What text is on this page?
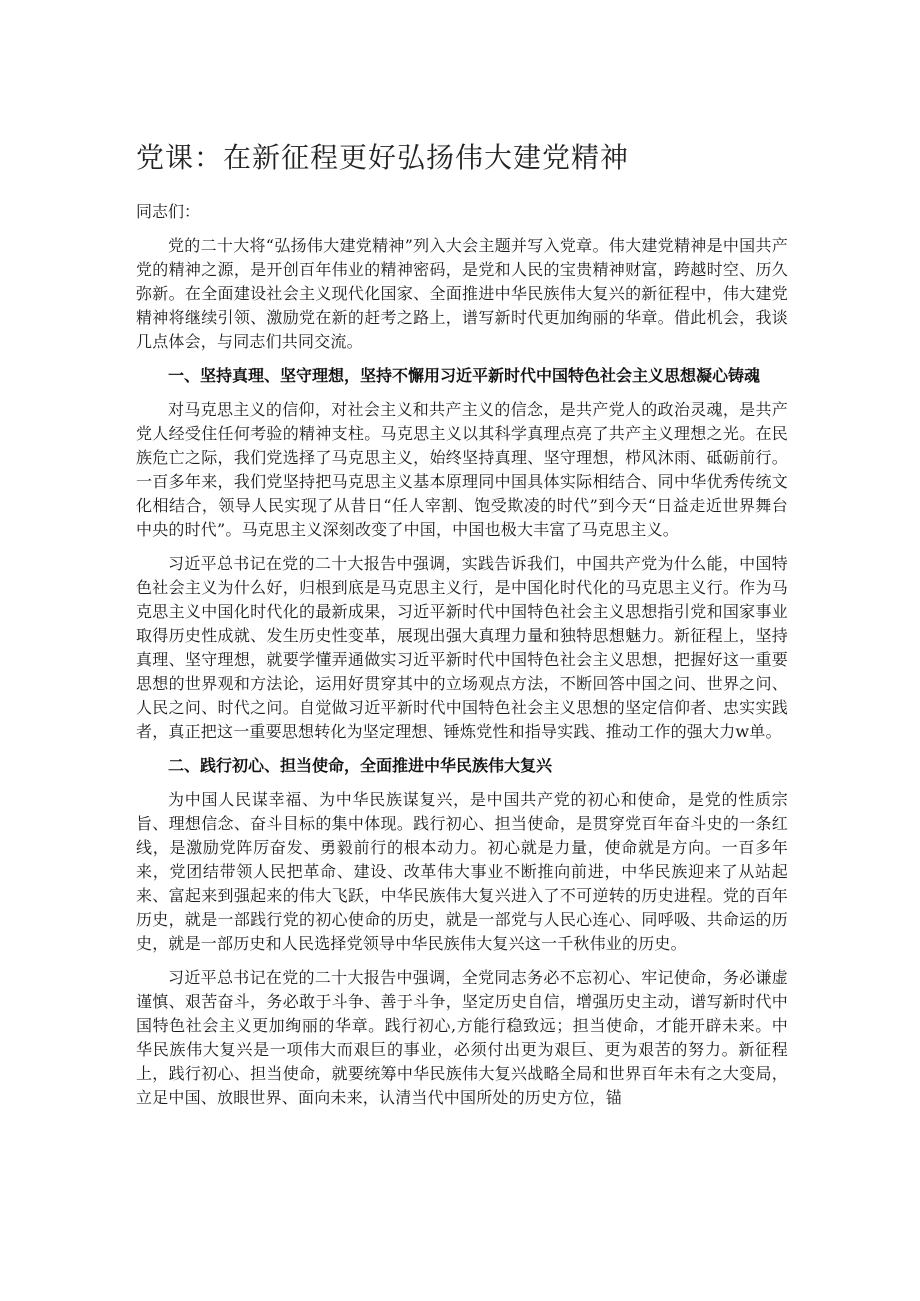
党课：在新征程更好弘扬伟大建党精神
同志们：

党的二十大将“弘扬伟大建党精神”列入大会主题并写入党章。伟大建党精神是中国共产党的精神之源，是开创百年伟业的精神密码，是党和人民的宝贵精神财富，跨越时空、历久弥新。在全面建设社会主义现代化国家、全面推进中华民族伟大复兴的新征程中，伟大建党精神将继续引领、激励党在新的赶考之路上，谱写新时代更加绚丽的华章。借此机会，我谈几点体会，与同志们共同交流。

一、坚持真理、坚守理想，坚持不懈用习近平新时代中国特色社会主义思想凝心铸魂

对马克思主义的信仰，对社会主义和共产主义的信念，是共产党人的政治灵魂，是共产党人经受住任何考验的精神支柱。马克思主义以其科学真理点亮了共产主义理想之光。在民族危亡之际，我们党选择了马克思主义，始终坚持真理、坚守理想，栉风沐雨、砥砺前行。一百多年来，我们党坚持把马克思主义基本原理同中国具体实际相结合、同中华优秀传统文化相结合，领导人民实现了从昔日“任人宰割、饱受欺凌的时代”到今天“日益走近世界舞台中央的时代”。马克思主义深刻改变了中国，中国也极大丰富了马克思主义。

习近平总书记在党的二十大报告中强调，实践告诉我们，中国共产党为什么能，中国特色社会主义为什么好，归根到底是马克思主义行，是中国化时代化的马克思主义行。作为马克思主义中国化时代化的最新成果，习近平新时代中国特色社会主义思想指引党和国家事业取得历史性成就、发生历史性变革，展现出强大真理力量和独特思想魅力。新征程上，坚持真理、坚守理想，就要学懂弄通做实习近平新时代中国特色社会主义思想，把握好这一重要思想的世界观和方法论，运用好贯穿其中的立场观点方法，不断回答中国之问、世界之问、人民之问、时代之问。自觉做习近平新时代中国特色社会主义思想的坚定信仰者、忠实实践者，真正把这一重要思想转化为坚定理想、锤炼党性和指导实践、推动工作的强大力w单。

二、践行初心、担当使命，全面推进中华民族伟大复兴

为中国人民谋幸福、为中华民族谋复兴，是中国共产党的初心和使命，是党的性质宗旨、理想信念、奋斗目标的集中体现。践行初心、担当使命，是贯穿党百年奋斗史的一条红线，是激励党阵厉奋发、勇毅前行的根本动力。初心就是力量，使命就是方向。一百多年来，党团结带领人民把革命、建设、改革伟大事业不断推向前进，中华民族迎来了从站起来、富起来到强起来的伟大飞跃，中华民族伟大复兴进入了不可逆转的历史进程。党的百年历史，就是一部践行党的初心使命的历史，就是一部党与人民心连心、同呼吸、共命运的历史，就是一部历史和人民选择党领导中华民族伟大复兴这一千秋伟业的历史。

习近平总书记在党的二十大报告中强调，全党同志务必不忘初心、牢记使命，务必谦虚谨慎、艰苦奋斗，务必敢于斗争、善于斗争，坚定历史自信，增强历史主动，谱写新时代中国特色社会主义更加绚丽的华章。践行初心,方能行稳致远；担当使命，才能开辟未来。中华民族伟大复兴是一项伟大而艰巨的事业，必须付出更为艰巨、更为艰苦的努力。新征程上，践行初心、担当使命，就要统筹中华民族伟大复兴战略全局和世界百年未有之大变局，立足中国、放眼世界、面向未来，认清当代中国所处的历史方位，锚
